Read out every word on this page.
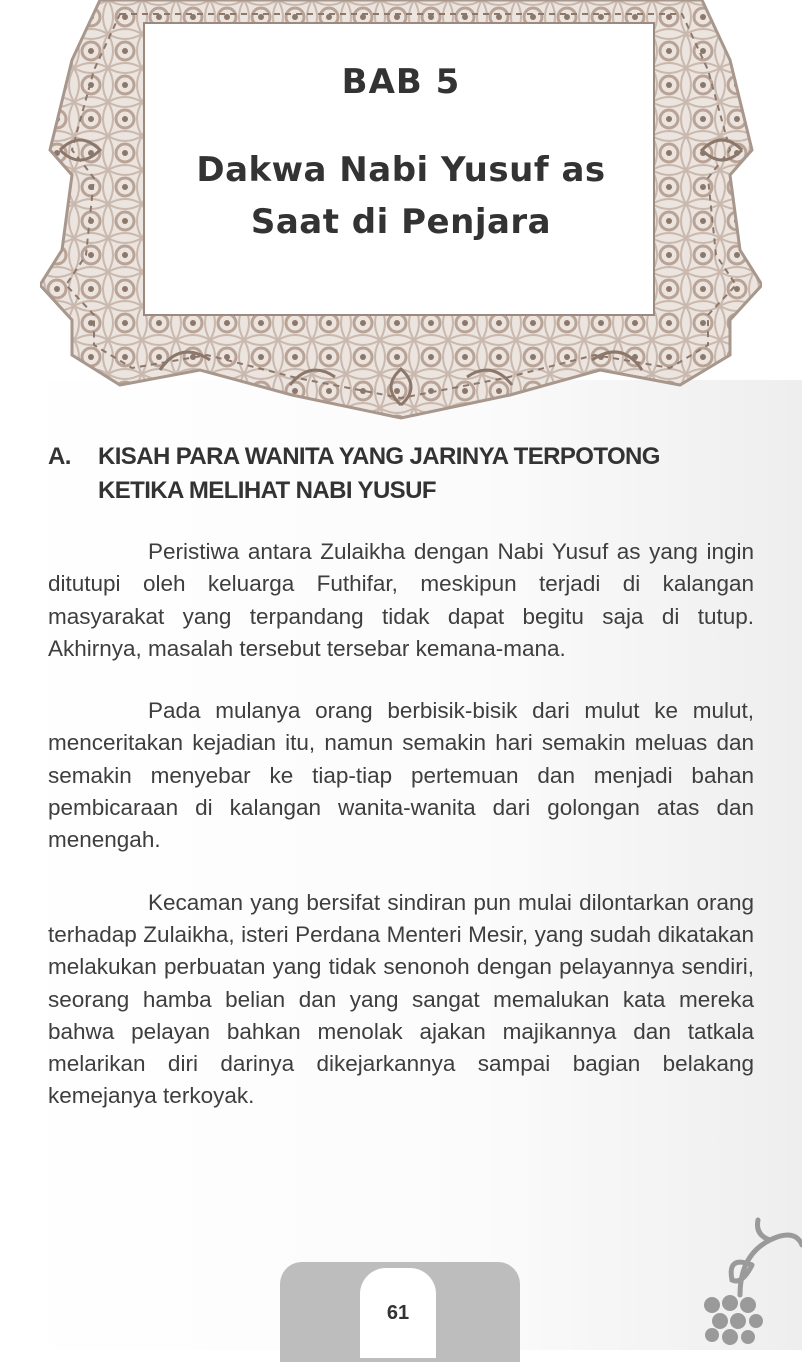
BAB 5
Dakwa Nabi Yusuf as
Saat di Penjara
A. KISAH PARA WANITA YANG JARINYA TERPOTONG
KETIKA MELIHAT NABI YUSUF

Peristiwa antara Zulaikha dengan Nabi Yusuf as yang ingin ditutupi oleh keluarga Futhifar, meskipun terjadi di kalangan masyarakat yang terpandang tidak dapat begitu saja di tutup. Akhirnya, masalah tersebut tersebar kemana-mana.

Pada mulanya orang berbisik-bisik dari mulut ke mulut, menceritakan kejadian itu, namun semakin hari semakin meluas dan semakin menyebar ke tiap-tiap pertemuan dan menjadi bahan pembicaraan di kalangan wanita-wanita dari golongan atas dan menengah.

Kecaman yang bersifat sindiran pun mulai dilontarkan orang terhadap Zulaikha, isteri Perdana Menteri Mesir, yang sudah dikatakan melakukan perbuatan yang tidak senonoh dengan pelayannya sendiri, seorang hamba belian dan yang sangat memalukan kata mereka bahwa pelayan bahkan menolak ajakan majikannya dan tatkala melarikan diri darinya dikejarkannya sampai bagian belakang kemejanya terkoyak.

61
